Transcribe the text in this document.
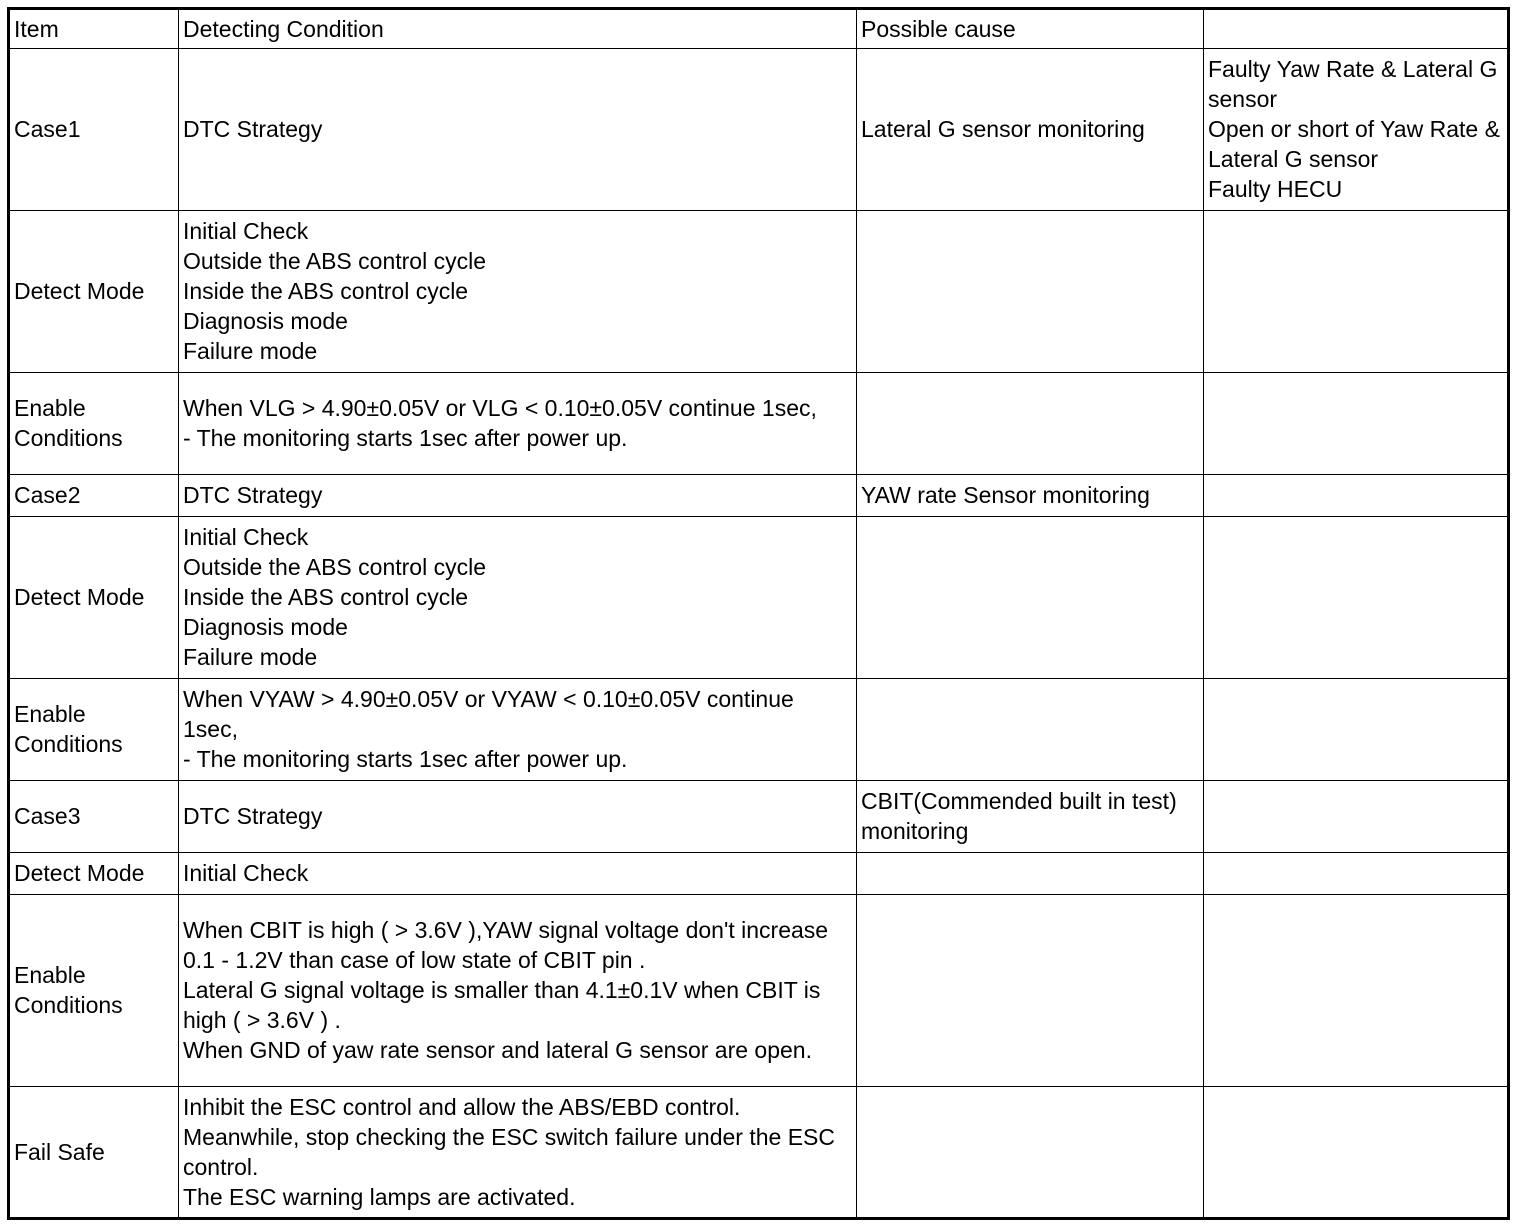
Item	Detecting Condition	Possible cause	
Case1	DTC Strategy	Lateral G sensor monitoring	Faulty Yaw Rate & Lateral G sensor
Open or short of Yaw Rate & Lateral G sensor
Faulty HECU
Detect Mode	Initial Check
Outside the ABS control cycle
Inside the ABS control cycle
Diagnosis mode
Failure mode		
Enable Conditions	When VLG > 4.90±0.05V or VLG < 0.10±0.05V continue 1sec,
- The monitoring starts 1sec after power up.		
Case2	DTC Strategy	YAW rate Sensor monitoring	
Detect Mode	Initial Check
Outside the ABS control cycle
Inside the ABS control cycle
Diagnosis mode
Failure mode		
Enable Conditions	When VYAW > 4.90±0.05V or VYAW < 0.10±0.05V continue 1sec,
- The monitoring starts 1sec after power up.		
Case3	DTC Strategy	CBIT(Commended built in test) monitoring	
Detect Mode	Initial Check		
Enable Conditions	When CBIT is high ( > 3.6V ),YAW signal voltage don't increase 0.1 - 1.2V than case of low state of CBIT pin .
Lateral G signal voltage is smaller than 4.1±0.1V when CBIT is high ( > 3.6V ) .
When GND of yaw rate sensor and lateral G sensor are open.		
Fail Safe	Inhibit the ESC control and allow the ABS/EBD control.
Meanwhile, stop checking the ESC switch failure under the ESC control.
The ESC warning lamps are activated.		
